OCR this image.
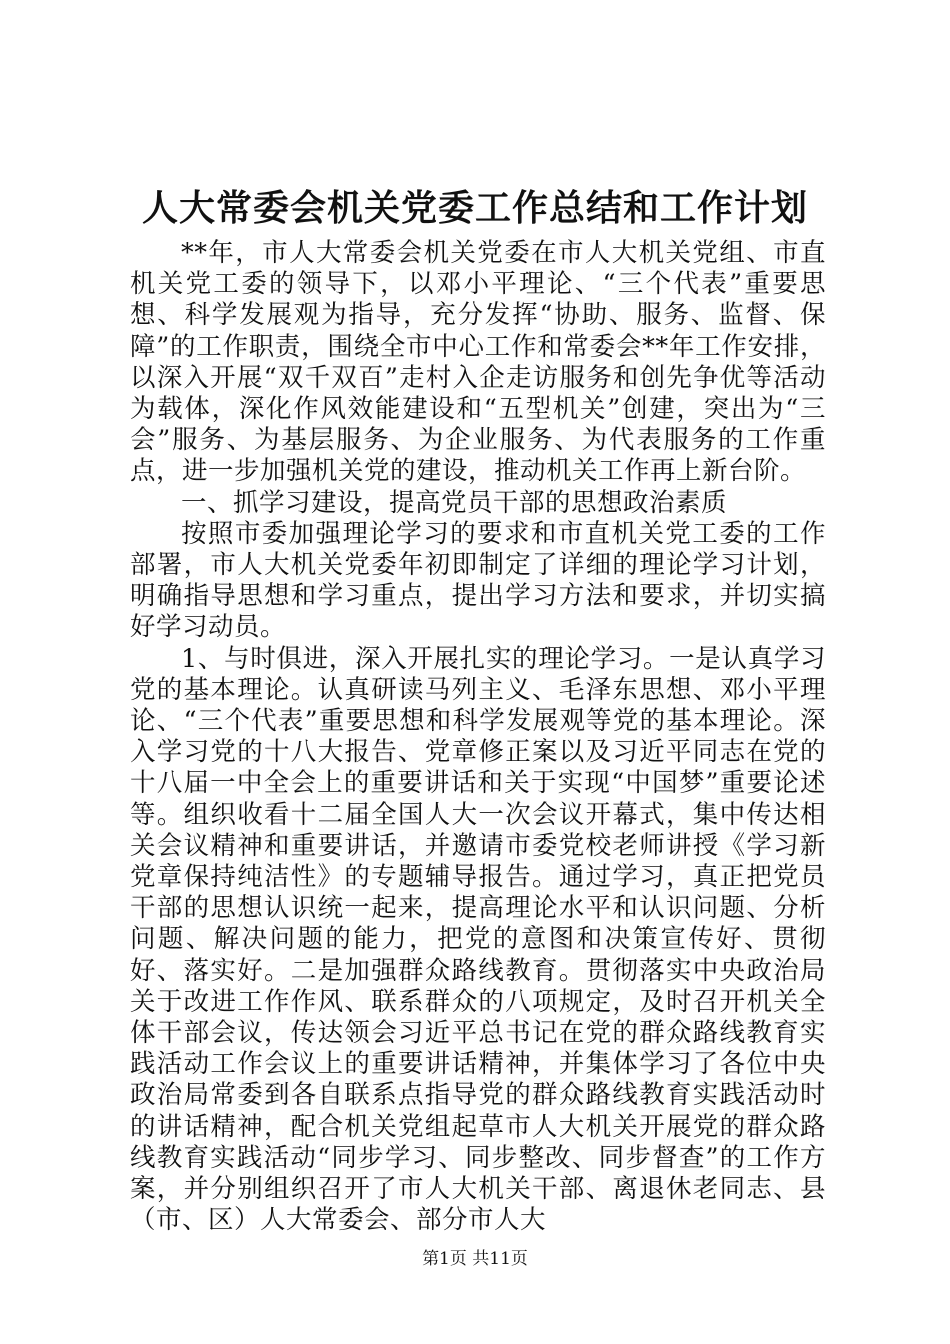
人大常委会机关党委工作总结和工作计划

**年，市人大常委会机关党委在市人大机关党组、市直机关党工委的领导下，以邓小平理论、“三个代表”重要思想、科学发展观为指导，充分发挥“协助、服务、监督、保障”的工作职责，围绕全市中心工作和常委会**年工作安排，以深入开展“双千双百”走村入企走访服务和创先争优等活动为载体，深化作风效能建设和“五型机关”创建，突出为“三会”服务、为基层服务、为企业服务、为代表服务的工作重点，进一步加强机关党的建设，推动机关工作再上新台阶。

一、抓学习建设，提高党员干部的思想政治素质

按照市委加强理论学习的要求和市直机关党工委的工作部署，市人大机关党委年初即制定了详细的理论学习计划，明确指导思想和学习重点，提出学习方法和要求，并切实搞好学习动员。

1、与时俱进，深入开展扎实的理论学习。一是认真学习党的基本理论。认真研读马列主义、毛泽东思想、邓小平理论、“三个代表”重要思想和科学发展观等党的基本理论。深入学习党的十八大报告、党章修正案以及习近平同志在党的十八届一中全会上的重要讲话和关于实现“中国梦”重要论述等。组织收看十二届全国人大一次会议开幕式，集中传达相关会议精神和重要讲话，并邀请市委党校老师讲授《学习新党章保持纯洁性》的专题辅导报告。通过学习，真正把党员干部的思想认识统一起来，提高理论水平和认识问题、分析问题、解决问题的能力，把党的意图和决策宣传好、贯彻好、落实好。二是加强群众路线教育。贯彻落实中央政治局关于改进工作作风、联系群众的八项规定，及时召开机关全体干部会议，传达领会习近平总书记在党的群众路线教育实践活动工作会议上的重要讲话精神，并集体学习了各位中央政治局常委到各自联系点指导党的群众路线教育实践活动时的讲话精神，配合机关党组起草市人大机关开展党的群众路线教育实践活动“同步学习、同步整改、同步督查”的工作方案，并分别组织召开了市人大机关干部、离退休老同志、县（市、区）人大常委会、部分市人大

第1页 共11页
